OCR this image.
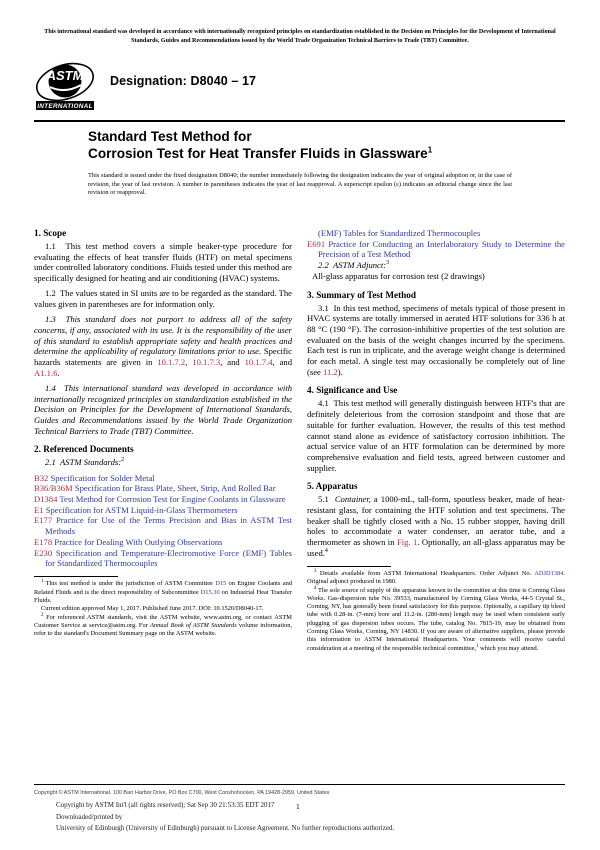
This international standard was developed in accordance with internationally recognized principles on standardization established in the Decision on Principles for the Development of International Standards, Guides and Recommendations issued by the World Trade Organization Technical Barriers to Trade (TBT) Committee.
ASTM
INTERNATIONAL
Designation: D8040 – 17
Standard Test Method for
Corrosion Test for Heat Transfer Fluids in Glassware$^1$
This standard is issued under the fixed designation D8040; the number immediately following the designation indicates the year of original adoption or, in the case of revision, the year of last revision. A number in parentheses indicates the year of last reapproval. A superscript epsilon (ε) indicates an editorial change since the last revision or reapproval.
1. Scope

1.1 This test method covers a simple beaker-type procedure for evaluating the effects of heat transfer fluids (HTF) on metal specimens under controlled laboratory conditions. Fluids tested under this method are specifically designed for heating and air conditioning (HVAC) systems.

1.2 The values stated in SI units are to be regarded as the standard. The values given in parentheses are for information only.

1.3 This standard does not purport to address all of the safety concerns, if any, associated with its use. It is the responsibility of the user of this standard to establish appropriate safety and health practices and determine the applicability of regulatory limitations prior to use. Specific hazards statements are given in 10.1.7.2, 10.1.7.3, and 10.1.7.4, and A1.1.6.

1.4 This international standard was developed in accordance with internationally recognized principles on standardization established in the Decision on Principles for the Development of International Standards, Guides and Recommendations issued by the World Trade Organization Technical Barriers to Trade (TBT) Committee.

2. Referenced Documents

2.1 ASTM Standards:$^2$

B32 Specification for Solder Metal

B36/B36M Specification for Brass Plate, Sheet, Strip, And Rolled Bar

D1384 Test Method for Corrosion Test for Engine Coolants in Glassware

E1 Specification for ASTM Liquid-in-Glass Thermometers

E177 Practice for Use of the Terms Precision and Bias in ASTM Test Methods

E178 Practice for Dealing With Outlying Observations

E230 Specification and Temperature-Electromotive Force (EMF) Tables for Standardized Thermocouples

$^1$ This test method is under the jurisdiction of ASTM Committee D15 on Engine Coolants and Related Fluids and is the direct responsibility of Subcommittee D15.30 on Industrial Heat Transfer Fluids.

Current edition approved May 1, 2017. Published June 2017. DOI: 10.1520/D8040-17.

$^2$ For referenced ASTM standards, visit the ASTM website, www.astm.org, or contact ASTM Customer Service at service@astm.org. For Annual Book of ASTM Standards volume information, refer to the standard's Document Summary page on the ASTM website.

(EMF) Tables for Standardized Thermocouples

E691 Practice for Conducting an Interlaboratory Study to Determine the Precision of a Test Method

2.2 ASTM Adjunct:$^3$

All-glass apparatus for corrosion test (2 drawings)

3. Summary of Test Method

3.1 In this test method, specimens of metals typical of those present in HVAC systems are totally immersed in aerated HTF solutions for 336 h at 88 °C (190 °F). The corrosion-inhibitive properties of the test solution are evaluated on the basis of the weight changes incurred by the specimens. Each test is run in triplicate, and the average weight change is determined for each metal. A single test may occasionally be completely out of line (see 11.2).

4. Significance and Use

4.1 This test method will generally distinguish between HTF's that are definitely deleterious from the corrosion standpoint and those that are suitable for further evaluation. However, the results of this test method cannot stand alone as evidence of satisfactory corrosion inhibition. The actual service value of an HTF formulation can be determined by more comprehensive evaluation and field tests, agreed between customer and supplier.

5. Apparatus

5.1 Container, a 1000-mL, tall-form, spoutless beaker, made of heat-resistant glass, for containing the HTF solution and test specimens. The beaker shall be tightly closed with a No. 15 rubber stopper, having drill holes to accommodate a water condenser, an aerator tube, and a thermometer as shown in Fig. 1. Optionally, an all-glass apparatus may be used.$^4$

$^3$ Details available from ASTM International Headquarters. Order Adjunct No. ADJD1384. Original adjunct produced in 1980.

$^4$ The sole source of supply of the apparatus known to the committee at this time is Corning Glass Works. Gas-dispersion tube No. 39533, manufactured by Corning Glass Works, 44-5 Crystal St., Corning, NY, has generally been found satisfactory for this purpose. Optionally, a capillary tip bleed tube with 0.28-in. (7-mm) bore and 11.2-in. (280-mm) length may be used when consistent early plugging of gas dispersion tubes occurs. The tube, catalog No. 7815-19, may be obtained from Corning Glass Works, Corning, NY 14830. If you are aware of alternative suppliers, please provide this information to ASTM International Headquarters. Your comments will receive careful consideration at a meeting of the responsible technical committee,$^1$ which you may attend.

Copyright © ASTM International, 100 Barr Harbor Drive, PO Box C700, West Conshohocken, PA 19428-2959. United States
Copyright by ASTM Int'l (all rights reserved); Sat Sep 30 21:53:35 EDT 2017
Downloaded/printed by
University of Edinburgh (University of Edinburgh) pursuant to License Agreement. No further reproductions authorized.
1
